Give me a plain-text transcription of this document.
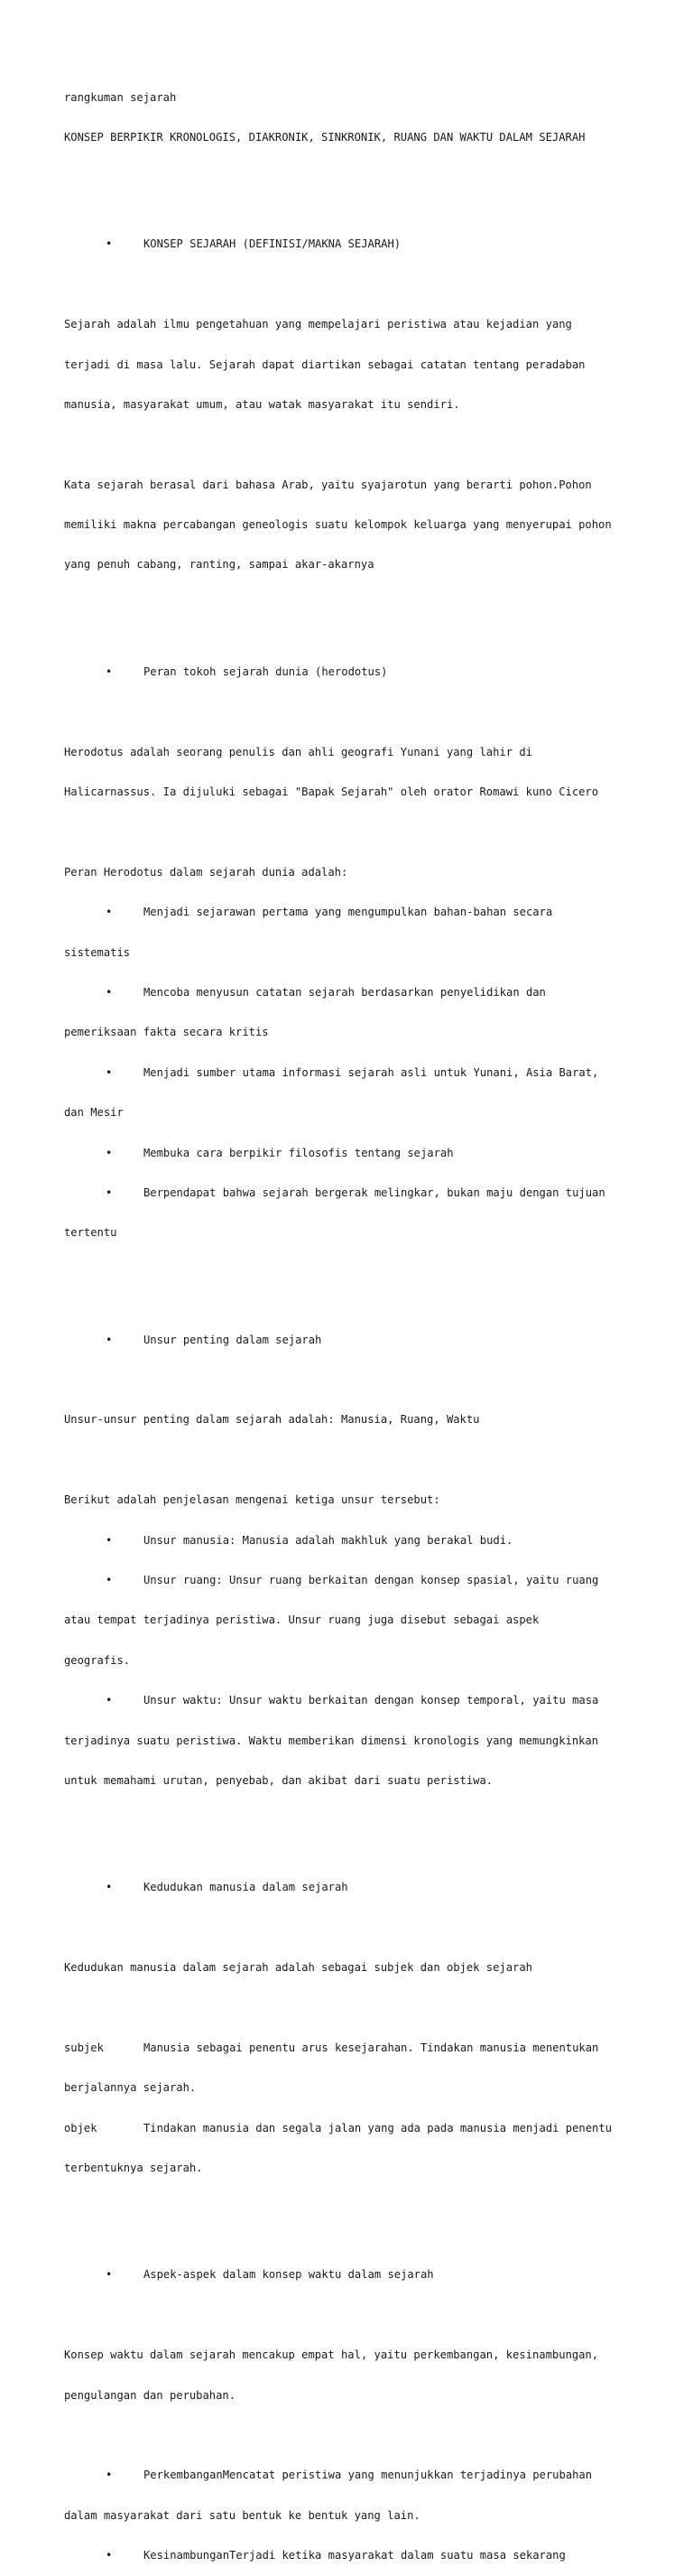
rangkuman sejarah

KONSEP BERPIKIR KRONOLOGIS, DIAKRONIK, SINKRONIK, RUANG DAN WAKTU DALAM SEJARAH

•	KONSEP SEJARAH (DEFINISI/MAKNA SEJARAH)

Sejarah adalah ilmu pengetahuan yang mempelajari peristiwa atau kejadian yang

terjadi di masa lalu. Sejarah dapat diartikan sebagai catatan tentang peradaban

manusia, masyarakat umum, atau watak masyarakat itu sendiri.

Kata sejarah berasal dari bahasa Arab, yaitu syajarotun yang berarti pohon.Pohon

memiliki makna percabangan geneologis suatu kelompok keluarga yang menyerupai pohon

yang penuh cabang, ranting, sampai akar-akarnya

•	Peran tokoh sejarah dunia (herodotus)

Herodotus adalah seorang penulis dan ahli geografi Yunani yang lahir di

Halicarnassus. Ia dijuluki sebagai "Bapak Sejarah" oleh orator Romawi kuno Cicero

Peran Herodotus dalam sejarah dunia adalah:

•	Menjadi sejarawan pertama yang mengumpulkan bahan-bahan secara

sistematis

•	Mencoba menyusun catatan sejarah berdasarkan penyelidikan dan

pemeriksaan fakta secara kritis

•	Menjadi sumber utama informasi sejarah asli untuk Yunani, Asia Barat,

dan Mesir

•	Membuka cara berpikir filosofis tentang sejarah

•	Berpendapat bahwa sejarah bergerak melingkar, bukan maju dengan tujuan

tertentu

•	Unsur penting dalam sejarah

Unsur-unsur penting dalam sejarah adalah: Manusia, Ruang, Waktu

Berikut adalah penjelasan mengenai ketiga unsur tersebut:

•	Unsur manusia: Manusia adalah makhluk yang berakal budi.

•	Unsur ruang: Unsur ruang berkaitan dengan konsep spasial, yaitu ruang

atau tempat terjadinya peristiwa. Unsur ruang juga disebut sebagai aspek

geografis.

•	Unsur waktu: Unsur waktu berkaitan dengan konsep temporal, yaitu masa

terjadinya suatu peristiwa. Waktu memberikan dimensi kronologis yang memungkinkan

untuk memahami urutan, penyebab, dan akibat dari suatu peristiwa.

•	Kedudukan manusia dalam sejarah

Kedudukan manusia dalam sejarah adalah sebagai subjek dan objek sejarah

subjek	Manusia sebagai penentu arus kesejarahan. Tindakan manusia menentukan

berjalannya sejarah.

objek	Tindakan manusia dan segala jalan yang ada pada manusia menjadi penentu

terbentuknya sejarah.

•	Aspek-aspek dalam konsep waktu dalam sejarah

Konsep waktu dalam sejarah mencakup empat hal, yaitu perkembangan, kesinambungan,

pengulangan dan perubahan.

•	PerkembanganMencatat peristiwa yang menunjukkan terjadinya perubahan

dalam masyarakat dari satu bentuk ke bentuk yang lain.

•	KesinambunganTerjadi ketika masyarakat dalam suatu masa sekarang
